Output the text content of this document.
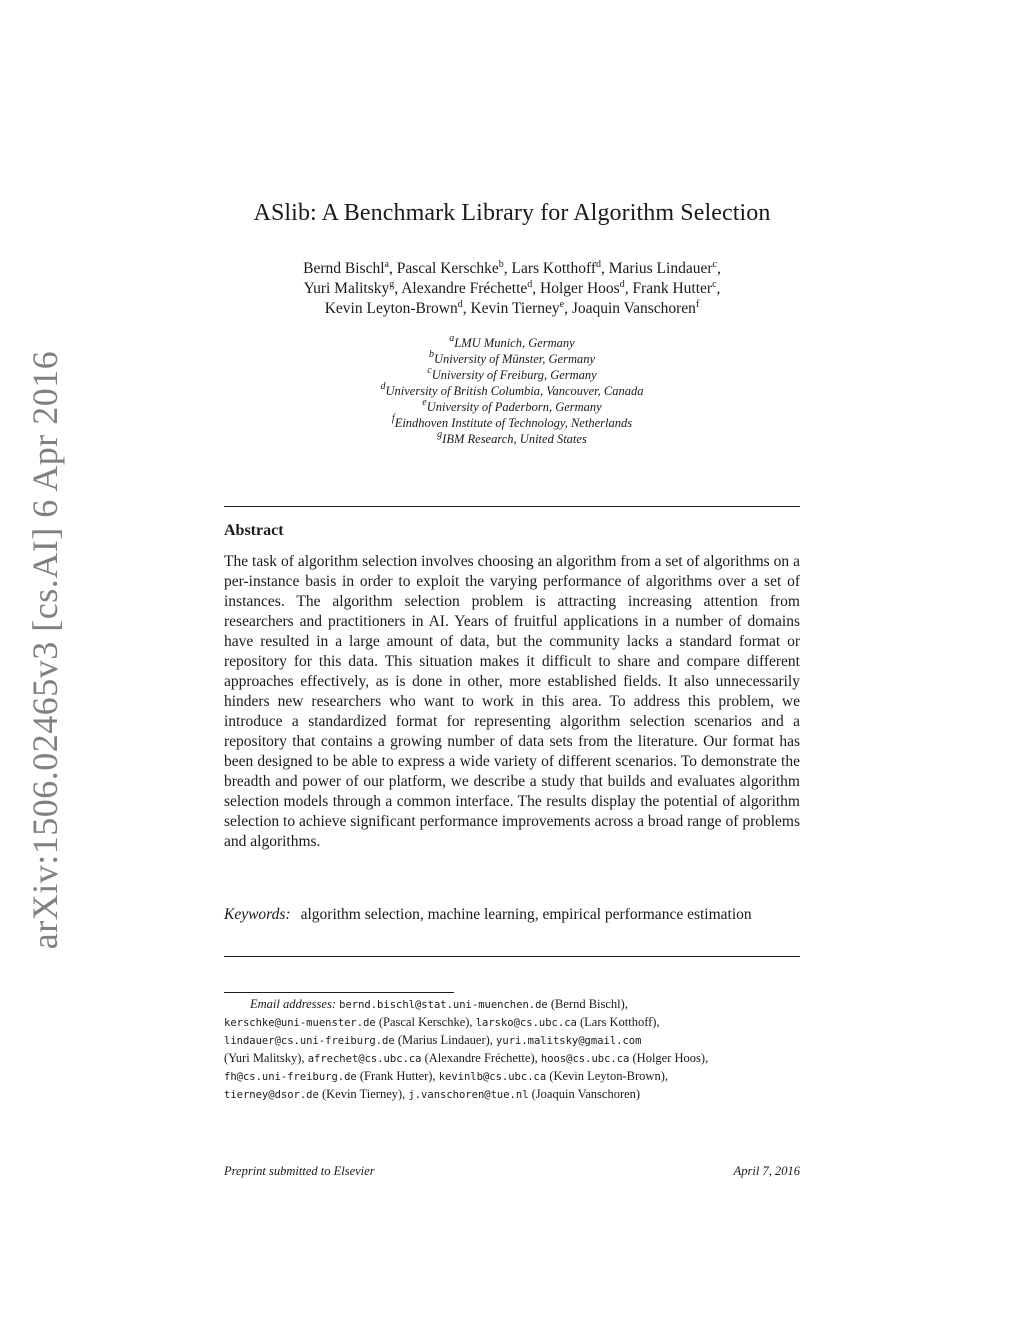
arXiv:1506.02465v3 [cs.AI] 6 Apr 2016
ASlib: A Benchmark Library for Algorithm Selection
Bernd Bischl$^a$, Pascal Kerschke$^b$, Lars Kotthoff$^d$, Marius Lindauer$^c$,
Yuri Malitsky$^g$, Alexandre Fréchette$^d$, Holger Hoos$^d$, Frank Hutter$^c$,
Kevin Leyton-Brown$^d$, Kevin Tierney$^e$, Joaquin Vanschoren$^f$
$^a$LMU Munich, Germany
$^b$University of Münster, Germany
$^c$University of Freiburg, Germany
$^d$University of British Columbia, Vancouver, Canada
$^e$University of Paderborn, Germany
$^f$Eindhoven Institute of Technology, Netherlands
$^g$IBM Research, United States
Abstract
The task of algorithm selection involves choosing an algorithm from a set of algorithms on a per-instance basis in order to exploit the varying performance of algorithms over a set of instances. The algorithm selection problem is attracting increasing attention from researchers and practitioners in AI. Years of fruitful applications in a number of domains have resulted in a large amount of data, but the community lacks a standard format or repository for this data. This situation makes it difficult to share and compare different approaches effectively, as is done in other, more established fields. It also unnecessarily hinders new researchers who want to work in this area. To address this problem, we introduce a standardized format for representing algorithm selection scenarios and a repository that contains a growing number of data sets from the literature. Our format has been designed to be able to express a wide variety of different scenarios. To demonstrate the breadth and power of our platform, we describe a study that builds and evaluates algorithm selection models through a common interface. The results display the potential of algorithm selection to achieve significant performance improvements across a broad range of problems and algorithms.
Keywords: algorithm selection, machine learning, empirical performance estimation
Email addresses: bernd.bischl@stat.uni-muenchen.de (Bernd Bischl),
kerschke@uni-muenster.de (Pascal Kerschke), larsko@cs.ubc.ca (Lars Kotthoff),
lindauer@cs.uni-freiburg.de (Marius Lindauer), yuri.malitsky@gmail.com
(Yuri Malitsky), afrechet@cs.ubc.ca (Alexandre Fréchette), hoos@cs.ubc.ca (Holger Hoos),
fh@cs.uni-freiburg.de (Frank Hutter), kevinlb@cs.ubc.ca (Kevin Leyton-Brown),
tierney@dsor.de (Kevin Tierney), j.vanschoren@tue.nl (Joaquin Vanschoren)
Preprint submitted to Elsevier	April 7, 2016
